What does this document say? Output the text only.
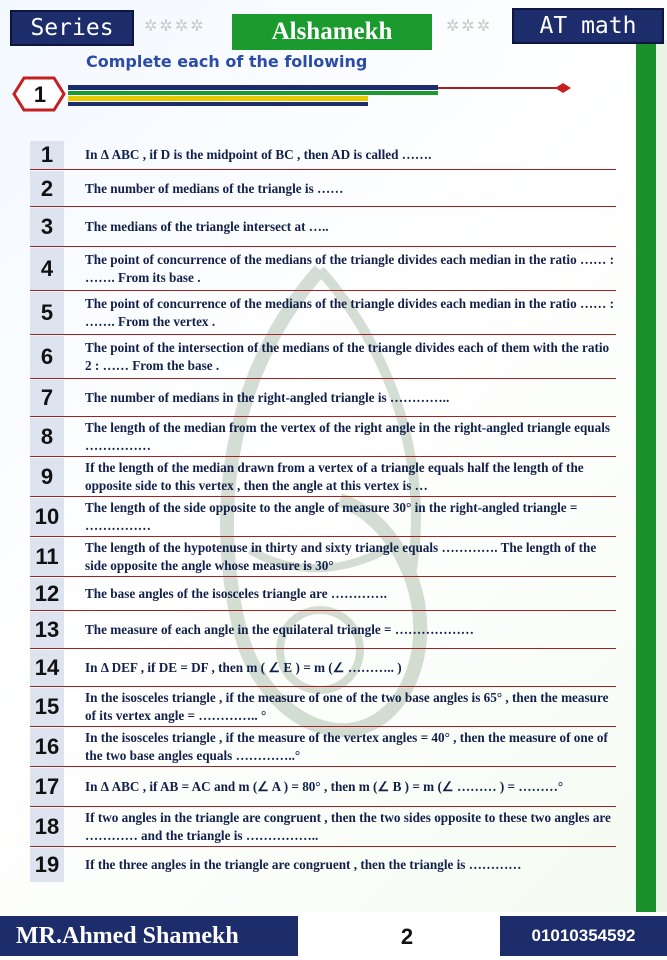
Series	✲✲✲✲	Alshamekh	✲✲✲	AT math
Complete each of the following
1
1	In Δ ABC , if D is the midpoint of BC , then AD is called …….
2	The number of medians of the triangle is ……
3	The medians of the triangle intersect at …..
4	The point of concurrence of the medians of the triangle divides each median in the ratio …… : ……. From its base .
5	The point of concurrence of the medians of the triangle divides each median in the ratio …… : ……. From the vertex .
6	The point of the intersection of the medians of the triangle divides each of them with the ratio 2 : …… From the base .
7	The number of medians in the right-angled triangle is …………..
8	The length of the median from the vertex of the right angle in the right-angled triangle equals ……………
9	If the length of the median drawn from a vertex of a triangle equals half the length of the opposite side to this vertex , then the angle at this vertex is …
10	The length of the side opposite to the angle of measure 30° in the right-angled triangle = ……………
11	The length of the hypotenuse in thirty and sixty triangle equals …………. The length of the side opposite the angle whose measure is 30°
12	The base angles of the isosceles triangle are ………….
13	The measure of each angle in the equilateral triangle = ………………
14	In Δ DEF , if DE = DF , then m ( ∠ E ) = m (∠ ……….. )
15	In the isosceles triangle , if the measure of one of the two base angles is 65° , then the measure of its vertex angle = ………….. °
16	In the isosceles triangle , if the measure of the vertex angles = 40° , then the measure of one of the two base angles equals …………..°
17	In Δ ABC , if AB = AC and m (∠ A ) = 80° , then m (∠ B ) = m (∠ ……… ) = ………°
18	If two angles in the triangle are congruent , then the two sides opposite to these two angles are ………… and the triangle is ……………..
19	If the three angles in the triangle are congruent , then the triangle is …………
MR.Ahmed Shamekh	2	01010354592
